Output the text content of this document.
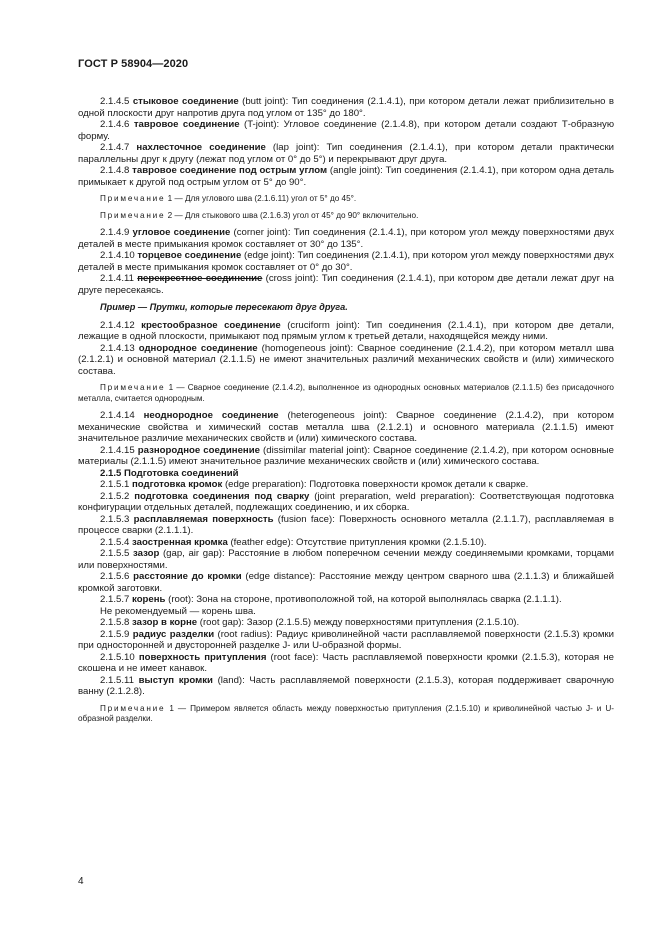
ГОСТ Р 58904—2020

2.1.4.5 стыковое соединение (butt joint): Тип соединения (2.1.4.1), при котором детали лежат приблизительно в одной плоскости друг напротив друга под углом от 135° до 180°.

2.1.4.6 тавровое соединение (T-joint): Угловое соединение (2.1.4.8), при котором детали создают Т-образную форму.

2.1.4.7 нахлесточное соединение (lap joint): Тип соединения (2.1.4.1), при котором детали практически параллельны друг к другу (лежат под углом от 0° до 5°) и перекрывают друг друга.

2.1.4.8 тавровое соединение под острым углом (angle joint): Тип соединения (2.1.4.1), при котором одна деталь примыкает к другой под острым углом от 5° до 90°.

Примечание 1 — Для углового шва (2.1.6.11) угол от 5° до 45°.

Примечание 2 — Для стыкового шва (2.1.6.3) угол от 45° до 90° включительно.

2.1.4.9 угловое соединение (corner joint): Тип соединения (2.1.4.1), при котором угол между поверхностями двух деталей в месте примыкания кромок составляет от 30° до 135°.

2.1.4.10 торцевое соединение (edge joint): Тип соединения (2.1.4.1), при котором угол между поверхностями двух деталей в месте примыкания кромок составляет от 0° до 30°.

2.1.4.11 перекрестное соединение (cross joint): Тип соединения (2.1.4.1), при котором две детали лежат друг на друге пересекаясь.

Пример — Прутки, которые пересекают друг друга.

2.1.4.12 крестообразное соединение (cruciform joint): Тип соединения (2.1.4.1), при котором две детали, лежащие в одной плоскости, примыкают под прямым углом к третьей детали, находящейся между ними.

2.1.4.13 однородное соединение (homogeneous joint): Сварное соединение (2.1.4.2), при котором металл шва (2.1.2.1) и основной материал (2.1.1.5) не имеют значительных различий механических свойств и (или) химического состава.

Примечание 1 — Сварное соединение (2.1.4.2), выполненное из однородных основных материалов (2.1.1.5) без присадочного металла, считается однородным.

2.1.4.14 неоднородное соединение (heterogeneous joint): Сварное соединение (2.1.4.2), при котором механические свойства и химический состав металла шва (2.1.2.1) и основного материала (2.1.1.5) имеют значительное различие механических свойств и (или) химического состава.

2.1.4.15 разнородное соединение (dissimilar material joint): Сварное соединение (2.1.4.2), при котором основные материалы (2.1.1.5) имеют значительное различие механических свойств и (или) химического состава.

2.1.5 Подготовка соединений

2.1.5.1 подготовка кромок (edge preparation): Подготовка поверхности кромок детали к сварке.

2.1.5.2 подготовка соединения под сварку (joint preparation, weld preparation): Соответствующая подготовка конфигурации отдельных деталей, подлежащих соединению, и их сборка.

2.1.5.3 расплавляемая поверхность (fusion face): Поверхность основного металла (2.1.1.7), расплавляемая в процессе сварки (2.1.1.1).

2.1.5.4 заостренная кромка (feather edge): Отсутствие притупления кромки (2.1.5.10).

2.1.5.5 зазор (gap, air gap): Расстояние в любом поперечном сечении между соединяемыми кромками, торцами или поверхностями.

2.1.5.6 расстояние до кромки (edge distance): Расстояние между центром сварного шва (2.1.1.3) и ближайшей кромкой заготовки.

2.1.5.7 корень (root): Зона на стороне, противоположной той, на которой выполнялась сварка (2.1.1.1).

Не рекомендуемый — корень шва.

2.1.5.8 зазор в корне (root gap): Зазор (2.1.5.5) между поверхностями притупления (2.1.5.10).

2.1.5.9 радиус разделки (root radius): Радиус криволинейной части расплавляемой поверхности (2.1.5.3) кромки при односторонней и двусторонней разделке J- или U-образной формы.

2.1.5.10 поверхность притупления (root face): Часть расплавляемой поверхности кромки (2.1.5.3), которая не скошена и не имеет канавок.

2.1.5.11 выступ кромки (land): Часть расплавляемой поверхности (2.1.5.3), которая поддерживает сварочную ванну (2.1.2.8).

Примечание 1 — Примером является область между поверхностью притупления (2.1.5.10) и криволинейной частью J- и U-образной разделки.

4
